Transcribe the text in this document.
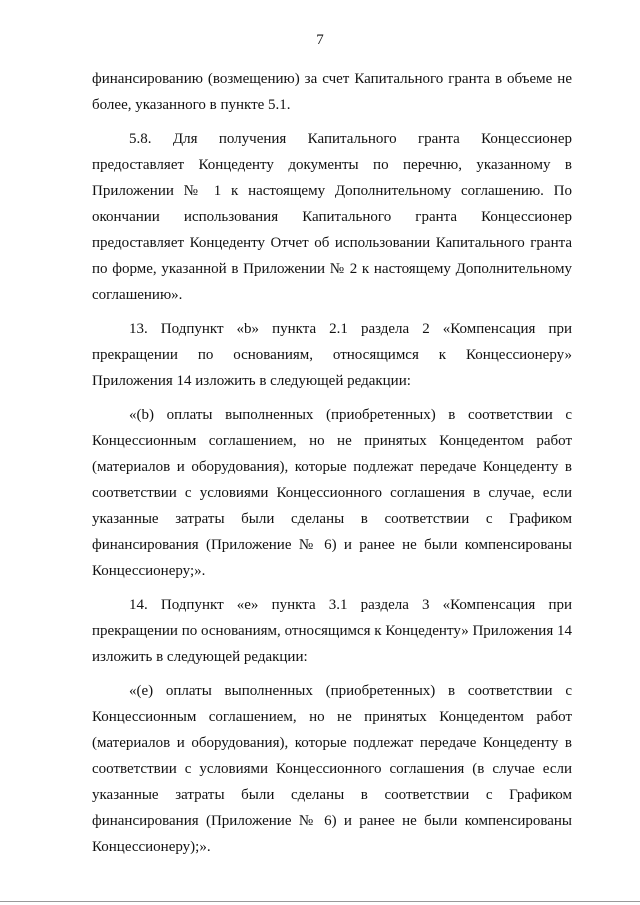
7

финансированию (возмещению) за счет Капитального гранта в объеме не более, указанного в пункте 5.1.

5.8. Для получения Капитального гранта Концессионер предоставляет Концеденту документы по перечню, указанному в Приложении № 1 к настоящему Дополнительному соглашению. По окончании использования Капитального гранта Концессионер предоставляет Концеденту Отчет об использовании Капитального гранта по форме, указанной в Приложении № 2 к настоящему Дополнительному соглашению».

13. Подпункт «b» пункта 2.1 раздела 2 «Компенсация при прекращении по основаниям, относящимся к Концессионеру» Приложения 14 изложить в следующей редакции:

«(b) оплаты выполненных (приобретенных) в соответствии с Концессионным соглашением, но не принятых Концедентом работ (материалов и оборудования), которые подлежат передаче Концеденту в соответствии с условиями Концессионного соглашения в случае, если указанные затраты были сделаны в соответствии с Графиком финансирования (Приложение № 6) и ранее не были компенсированы Концессионеру;».

14. Подпункт «е» пункта 3.1 раздела 3 «Компенсация при прекращении по основаниям, относящимся к Концеденту» Приложения 14 изложить в следующей редакции:

«(е) оплаты выполненных (приобретенных) в соответствии с Концессионным соглашением, но не принятых Концедентом работ (материалов и оборудования), которые подлежат передаче Концеденту в соответствии с условиями Концессионного соглашения (в случае если указанные затраты были сделаны в соответствии с Графиком финансирования (Приложение № 6) и ранее не были компенсированы Концессионеру);».
